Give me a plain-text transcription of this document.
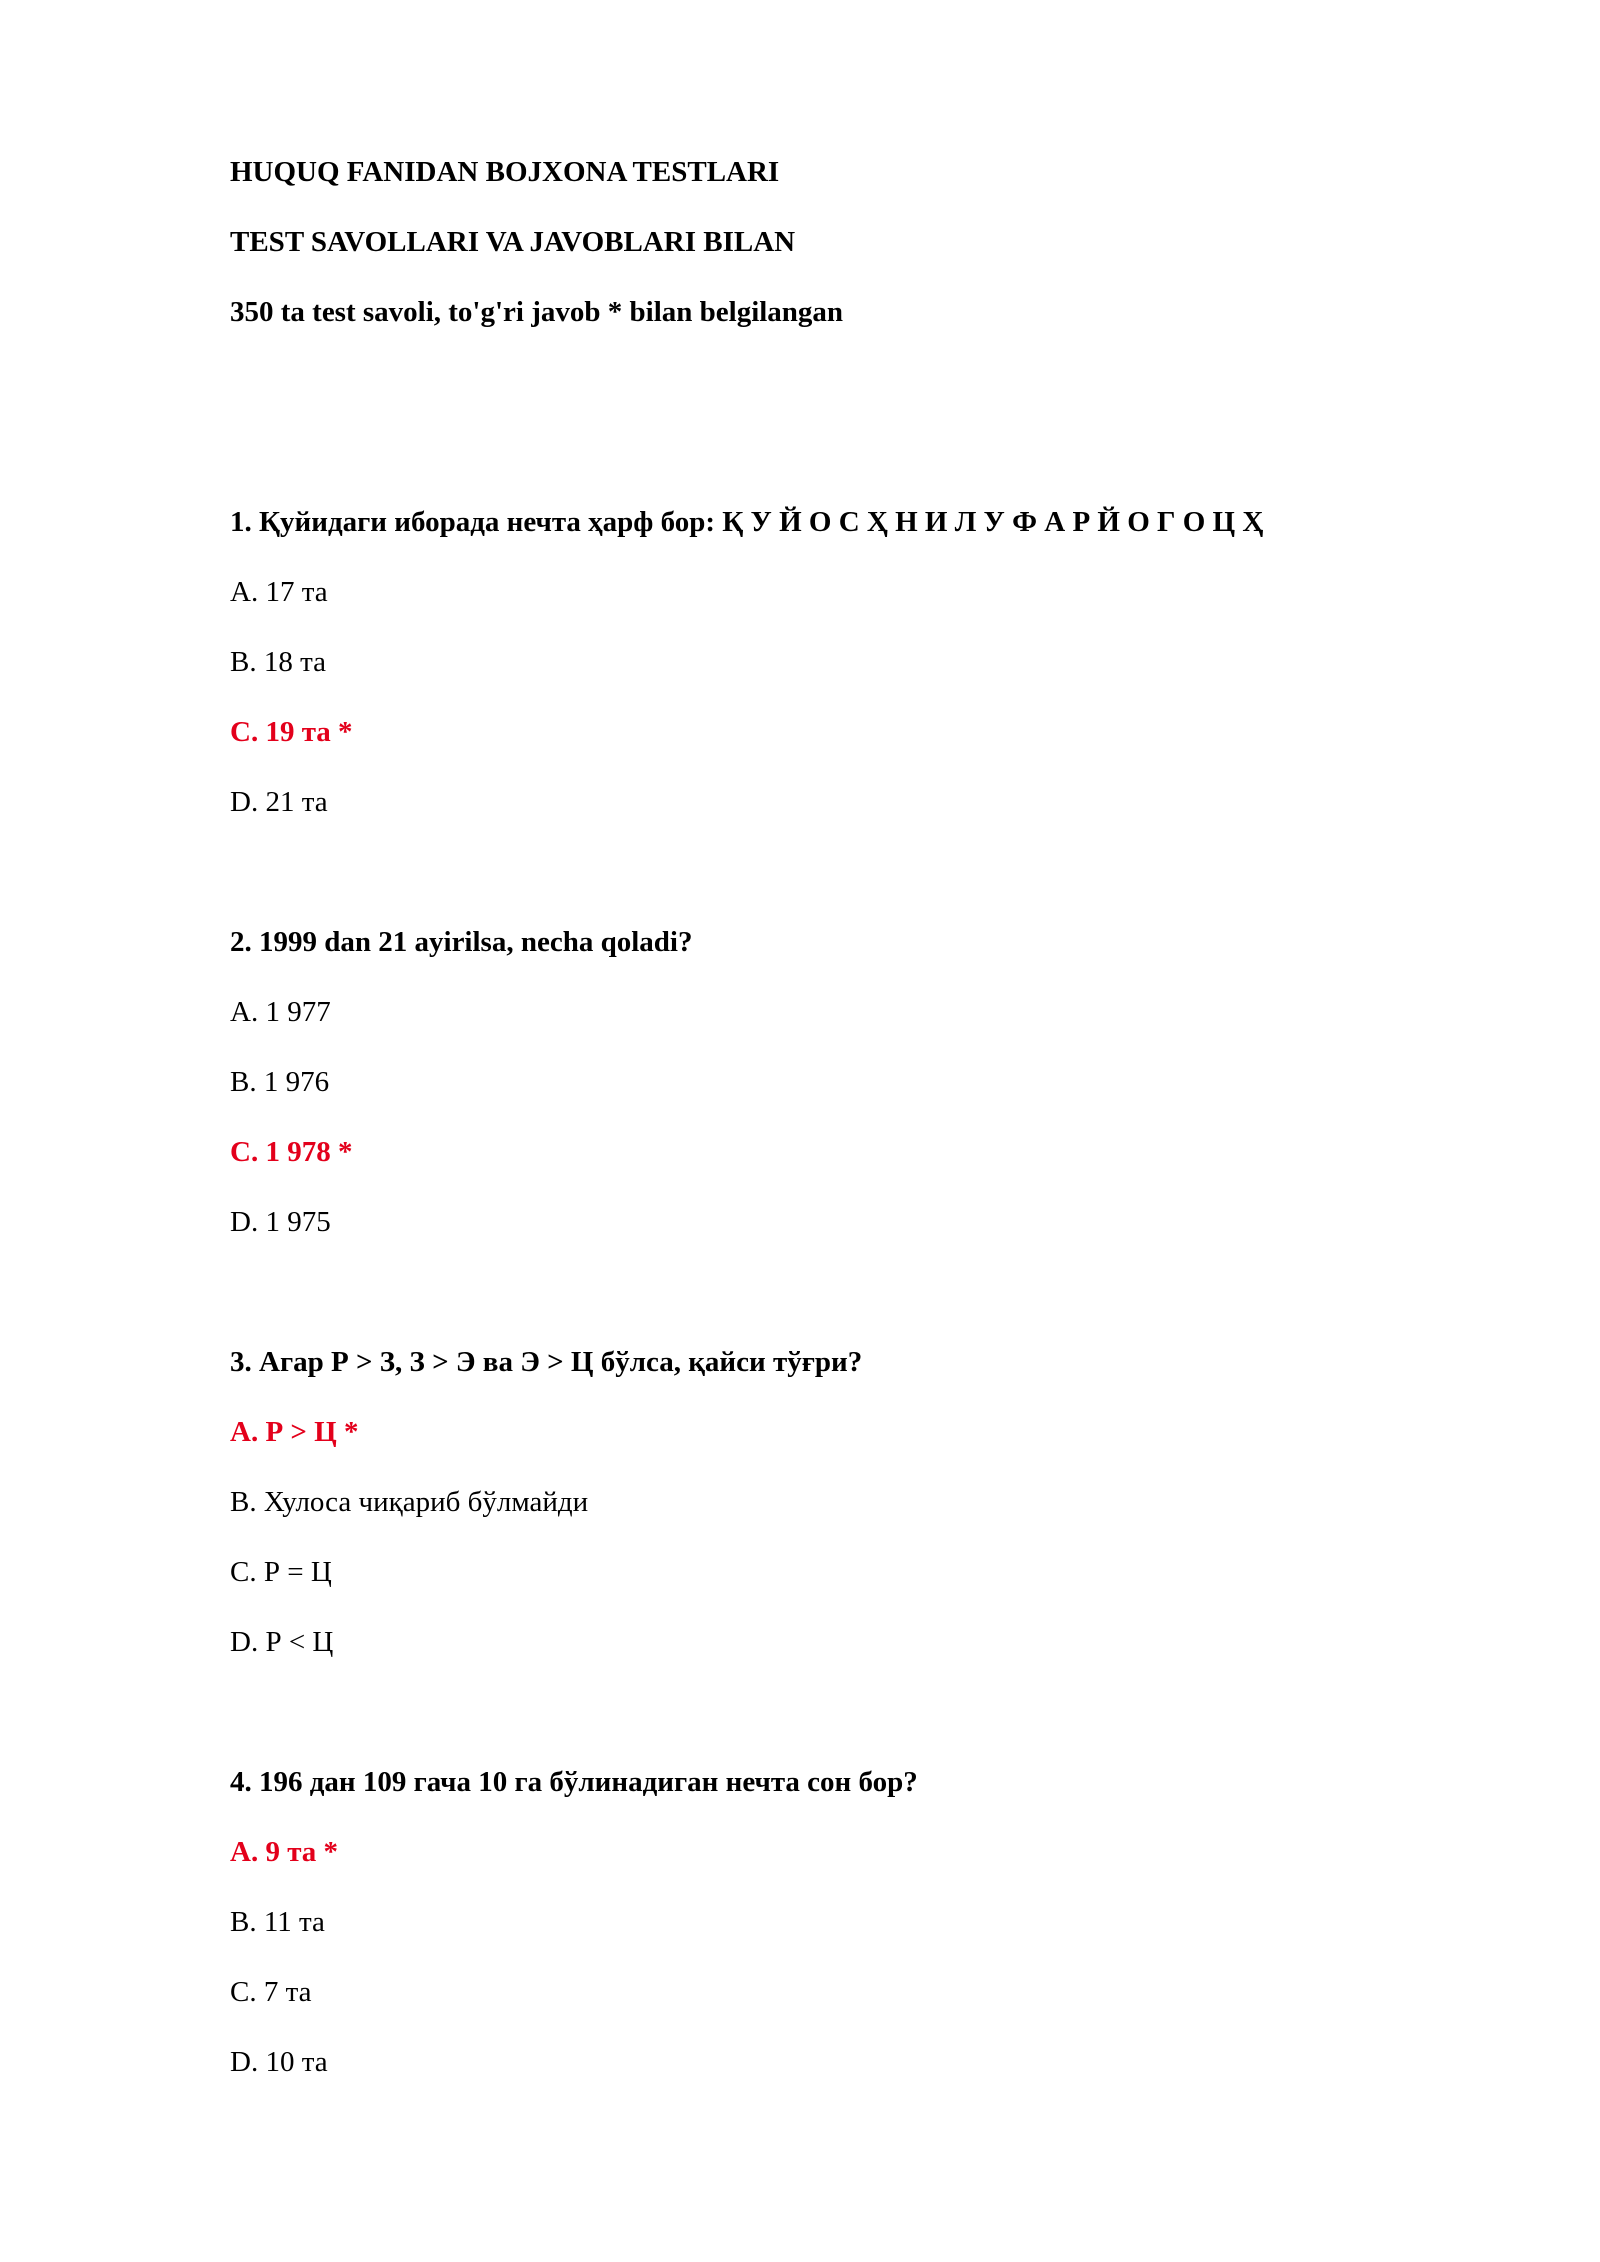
HUQUQ FANIDAN BOJXONA TESTLARI
TEST SAVOLLARI VA JAVOBLARI BILAN
350 ta test savoli, to'g'ri javob * bilan belgilangan
1. Қуйидаги иборада нечта ҳарф бор: Қ У Й О С Ҳ Н И Л У Ф А Р Й О Г О Ц Ҳ
A. 17 та
B. 18 та
C. 19 та *
D. 21 та
2. 1999 dan 21 ayirilsa, necha qoladi?
A. 1 977
B. 1 976
C. 1 978 *
D. 1 975
3. Агар Р > З, З > Э ва Э > Ц бўлса, қайси тўғри?
A. Р > Ц *
B. Хулоса чиқариб бўлмайди
C. Р = Ц
D. Р < Ц
4. 196 дан 109 гача 10 га бўлинадиган нечта сон бор?
A. 9 та *
B. 11 та
C. 7 та
D. 10 та
